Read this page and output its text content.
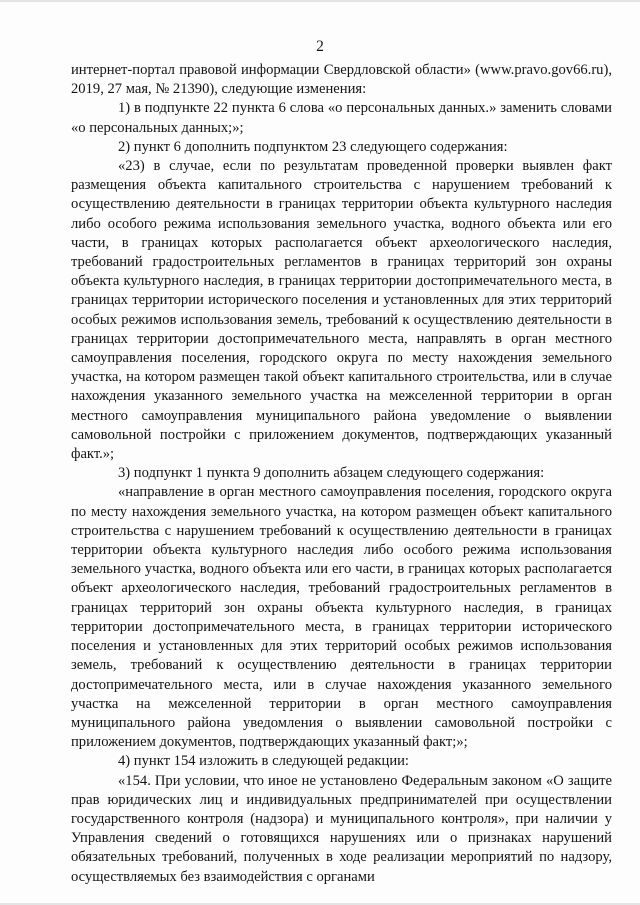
2

интернет-портал правовой информации Свердловской области» (www.pravo.gov66.ru), 2019, 27 мая, № 21390), следующие изменения:

1) в подпункте 22 пункта 6 слова «о персональных данных.» заменить словами «о персональных данных;»;

2) пункт 6 дополнить подпунктом 23 следующего содержания:

«23) в случае, если по результатам проведенной проверки выявлен факт размещения объекта капитального строительства с нарушением требований к осуществлению деятельности в границах территории объекта культурного наследия либо особого режима использования земельного участка, водного объекта или его части, в границах которых располагается объект археологического наследия, требований градостроительных регламентов в границах территорий зон охраны объекта культурного наследия, в границах территории достопримечательного места, в границах территории исторического поселения и установленных для этих территорий особых режимов использования земель, требований к осуществлению деятельности в границах территории достопримечательного места, направлять в орган местного самоуправления поселения, городского округа по месту нахождения земельного участка, на котором размещен такой объект капитального строительства, или в случае нахождения указанного земельного участка на межселенной территории в орган местного самоуправления муниципального района уведомление о выявлении самовольной постройки с приложением документов, подтверждающих указанный факт.»;

3) подпункт 1 пункта 9 дополнить абзацем следующего содержания:

«направление в орган местного самоуправления поселения, городского округа по месту нахождения земельного участка, на котором размещен объект капитального строительства с нарушением требований к осуществлению деятельности в границах территории объекта культурного наследия либо особого режима использования земельного участка, водного объекта или его части, в границах которых располагается объект археологического наследия, требований градостроительных регламентов в границах территорий зон охраны объекта культурного наследия, в границах территории достопримечательного места, в границах территории исторического поселения и установленных для этих территорий особых режимов использования земель, требований к осуществлению деятельности в границах территории достопримечательного места, или в случае нахождения указанного земельного участка на межселенной территории в орган местного самоуправления муниципального района уведомления о выявлении самовольной постройки с приложением документов, подтверждающих указанный факт;»;

4) пункт 154 изложить в следующей редакции:

«154. При условии, что иное не установлено Федеральным законом «О защите прав юридических лиц и индивидуальных предпринимателей при осуществлении государственного контроля (надзора) и муниципального контроля», при наличии у Управления сведений о готовящихся нарушениях или о признаках нарушений обязательных требований, полученных в ходе реализации мероприятий по надзору, осуществляемых без взаимодействия с органами
